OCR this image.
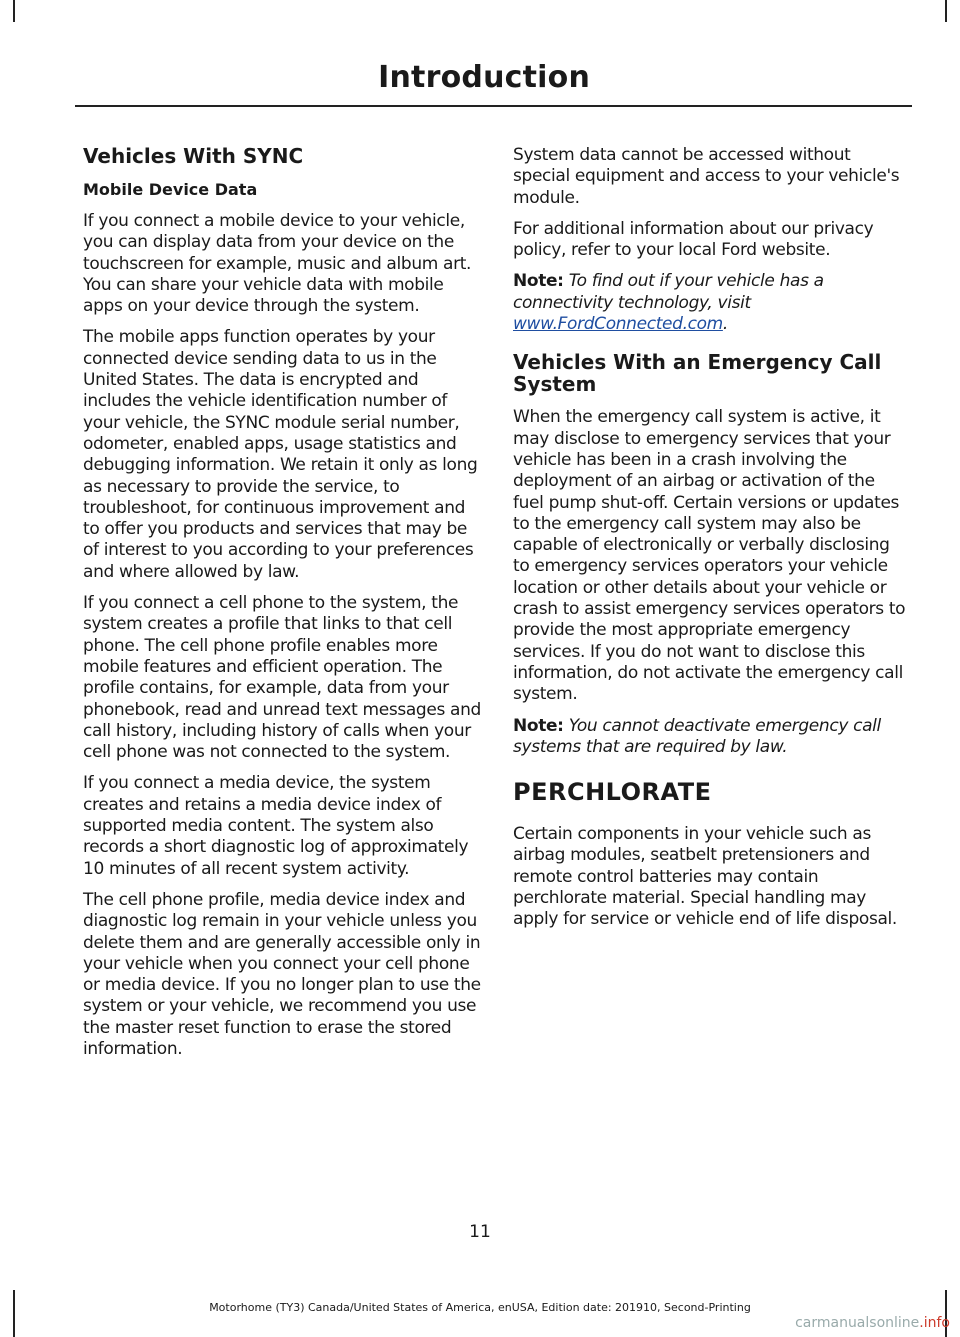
Introduction
Vehicles With SYNC
Mobile Device Data

If you connect a mobile device to your vehicle, you can display data from your device on the touchscreen for example, music and album art. You can share your vehicle data with mobile apps on your device through the system.

The mobile apps function operates by your connected device sending data to us in the United States. The data is encrypted and includes the vehicle identification number of your vehicle, the SYNC module serial number, odometer, enabled apps, usage statistics and debugging information. We retain it only as long as necessary to provide the service, to troubleshoot, for continuous improvement and to offer you products and services that may be of interest to you according to your preferences and where allowed by law.

If you connect a cell phone to the system, the system creates a profile that links to that cell phone. The cell phone profile enables more mobile features and efficient operation. The profile contains, for example, data from your phonebook, read and unread text messages and call history, including history of calls when your cell phone was not connected to the system.

If you connect a media device, the system creates and retains a media device index of supported media content. The system also records a short diagnostic log of approximately 10 minutes of all recent system activity.

The cell phone profile, media device index and diagnostic log remain in your vehicle unless you delete them and are generally accessible only in your vehicle when you connect your cell phone or media device. If you no longer plan to use the system or your vehicle, we recommend you use the master reset function to erase the stored information.

System data cannot be accessed without special equipment and access to your vehicle's module.

For additional information about our privacy policy, refer to your local Ford website.

Note: To find out if your vehicle has a connectivity technology, visit www.FordConnected.com.

Vehicles With an Emergency Call System

When the emergency call system is active, it may disclose to emergency services that your vehicle has been in a crash involving the deployment of an airbag or activation of the fuel pump shut-off. Certain versions or updates to the emergency call system may also be capable of electronically or verbally disclosing to emergency services operators your vehicle location or other details about your vehicle or crash to assist emergency services operators to provide the most appropriate emergency services. If you do not want to disclose this information, do not activate the emergency call system.

Note: You cannot deactivate emergency call systems that are required by law.

PERCHLORATE

Certain components in your vehicle such as airbag modules, seatbelt pretensioners and remote control batteries may contain perchlorate material. Special handling may apply for service or vehicle end of life disposal.

11
Motorhome (TY3) Canada/United States of America, enUSA, Edition date: 201910, Second-Printing
carmanualsonline.info
